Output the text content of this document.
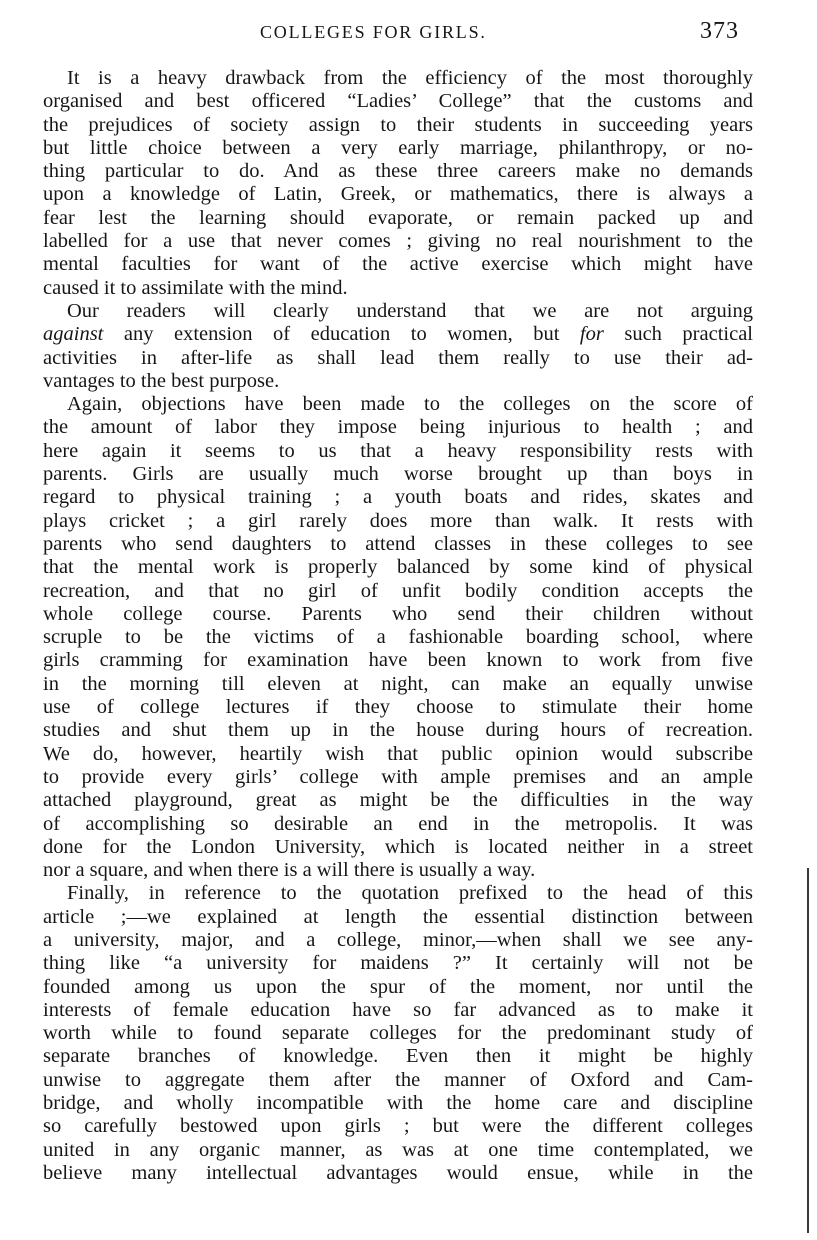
COLLEGES FOR GIRLS.	373
It is a heavy drawback from the efficiency of the most thoroughly
organised and best officered “Ladies’ College” that the customs and
the prejudices of society assign to their students in succeeding years
but little choice between a very early marriage, philanthropy, or no-
thing particular to do. And as these three careers make no demands
upon a knowledge of Latin, Greek, or mathematics, there is always a
fear lest the learning should evaporate, or remain packed up and
labelled for a use that never comes ; giving no real nourishment to the
mental faculties for want of the active exercise which might have
caused it to assimilate with the mind.
Our readers will clearly understand that we are not arguing
against any extension of education to women, but for such practical
activities in after-life as shall lead them really to use their ad-
vantages to the best purpose.
Again, objections have been made to the colleges on the score of
the amount of labor they impose being injurious to health ; and
here again it seems to us that a heavy responsibility rests with
parents. Girls are usually much worse brought up than boys in
regard to physical training ; a youth boats and rides, skates and
plays cricket ; a girl rarely does more than walk. It rests with
parents who send daughters to attend classes in these colleges to see
that the mental work is properly balanced by some kind of physical
recreation, and that no girl of unfit bodily condition accepts the
whole college course. Parents who send their children without
scruple to be the victims of a fashionable boarding school, where
girls cramming for examination have been known to work from five
in the morning till eleven at night, can make an equally unwise
use of college lectures if they choose to stimulate their home
studies and shut them up in the house during hours of recreation.
We do, however, heartily wish that public opinion would subscribe
to provide every girls’ college with ample premises and an ample
attached playground, great as might be the difficulties in the way
of accomplishing so desirable an end in the metropolis. It was
done for the London University, which is located neither in a street
nor a square, and when there is a will there is usually a way.
Finally, in reference to the quotation prefixed to the head of this
article ;—we explained at length the essential distinction between
a university, major, and a college, minor,—when shall we see any-
thing like “a university for maidens ?” It certainly will not be
founded among us upon the spur of the moment, nor until the
interests of female education have so far advanced as to make it
worth while to found separate colleges for the predominant study of
separate branches of knowledge. Even then it might be highly
unwise to aggregate them after the manner of Oxford and Cam-
bridge, and wholly incompatible with the home care and discipline
so carefully bestowed upon girls ; but were the different colleges
united in any organic manner, as was at one time contemplated, we
believe many intellectual advantages would ensue, while in the
